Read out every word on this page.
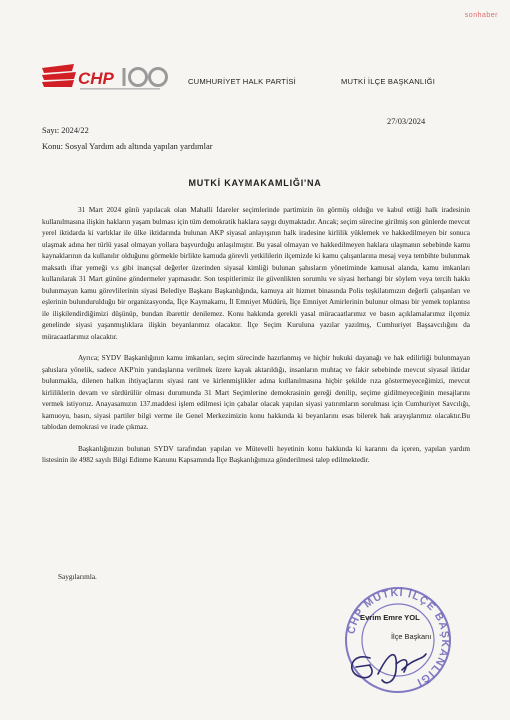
sonhaber
CHP	CUMHURİYET HALK PARTİSİ	MUTKİ İLÇE BAŞKANLIĞI
27/03/2024
Sayı: 2024/22
Konu: Sosyal Yardım adı altında yapılan yardımlar
MUTKİ KAYMAKAMLIĞI'NA

31 Mart 2024 günü yapılacak olan Mahalli İdareler seçimlerinde partimizin ön görmüş olduğu ve kabul ettiği halk iradesinin kullanılmasına ilişkin hakların yaşam bulması için tüm demokratik haklara saygı duymaktadır. Ancak; seçim sürecine girilmiş son günlerde mevcut yerel iktidarda ki varlıklar ile ülke iktidarında bulunan AKP siyasal anlayışının halk iradesine kirlilik yüklemek ve hakkedilmeyen bir sonuca ulaşmak adına her türlü yasal olmayan yollara başvurduğu anlaşılmıştır. Bu yasal olmayan ve hakkedilmeyen haklara ulaşmanın sebebinde kamu kaynaklarının da kullanılır olduğunu görmekle birlikte kamuda görevli yetkililerin ilçemizde ki kamu çalışanlarına mesaj veya tembihte bulunmak maksatlı iftar yemeği v.s gibi inançsal değerler üzerinden siyasal kimliği bulunan şahısların yönetiminde kamusal alanda, kamu imkanları kullanılarak 31 Mart gününe göndermeler yapmasıdır. Son tespitlerimiz ile güvenlikten sorumlu ve siyasi herhangi bir söylem veya tercih hakkı bulunmayan kamu görevlilerinin siyasi Belediye Başkanı Başkanlığında, kamuya ait hizmet binasında Polis teşkilatımızın değerli çalışanları ve eşlerinin bulundurulduğu bir organizasyonda, İlçe Kaymakamı, İl Emniyet Müdürü, İlçe Emniyet Amirlerinin bulunur olması bir yemek toplantısı ile ilişkilendirdiğimizi düşünüp, bundan ibarettir denilemez. Konu hakkında gerekli yasal müracaatlarımız ve basın açıklamalarımız ilçemiz genelinde siyasi yaşanmışlıklara ilişkin beyanlarımız olacaktır. İlçe Seçim Kuruluna yazılar yazılmış, Cumhuriyet Başsavcılığını da müracaatlarımız olacaktır.

Ayrıca; SYDV Başkanlığının kamu imkanları, seçim sürecinde hazırlanmış ve hiçbir hukuki dayanağı ve hak edilirliği bulunmayan şahıslara yönelik, sadece AKP'nin yandaşlarına verilmek üzere kayak aktarıldığı, insanların muhtaç ve fakir sebebinde mevcut siyasal iktidar bulunmakla, dilenen halkın ihtiyaçlarını siyasi rant ve kirlenmişlikler adına kullanılmasına hiçbir şekilde rıza göstermeyeceğimizi, mevcut kirliliklerin devam ve sürdürülür olması durumunda 31 Mart Seçimlerine demokrasinin gereği denilip, seçime gidilmeyeceğinin mesajlarını vermek istiyoruz. Anayasamızın 137.maddesi işlem edilmesi için çabalar olacak yapılan siyasi yatırımların sorulması için Cumhuriyet Savcılığı, kamuoyu, basın, siyasi partiler bilgi verme ile Genel Merkezimizin konu hakkında ki beyanlarını esas bilerek hak arayışlarımız olacaktır.Bu tablodan demokrasi ve irade çıkmaz.

Başkanlığınızın bulunan SYDV tarafından yapılan ve Mütevelli heyetinin konu hakkında ki kararını da içeren, yapılan yardım listesinin ile 4982 sayılı Bilgi Edinme Kanunu Kapsamında İlçe Başkanlığımıza gönderilmesi talep edilmektedir.

Saygılarımla.
CHP MUTKİ İLÇE BAŞKANLIĞI
Evrim Emre YOL
İlçe Başkanı
